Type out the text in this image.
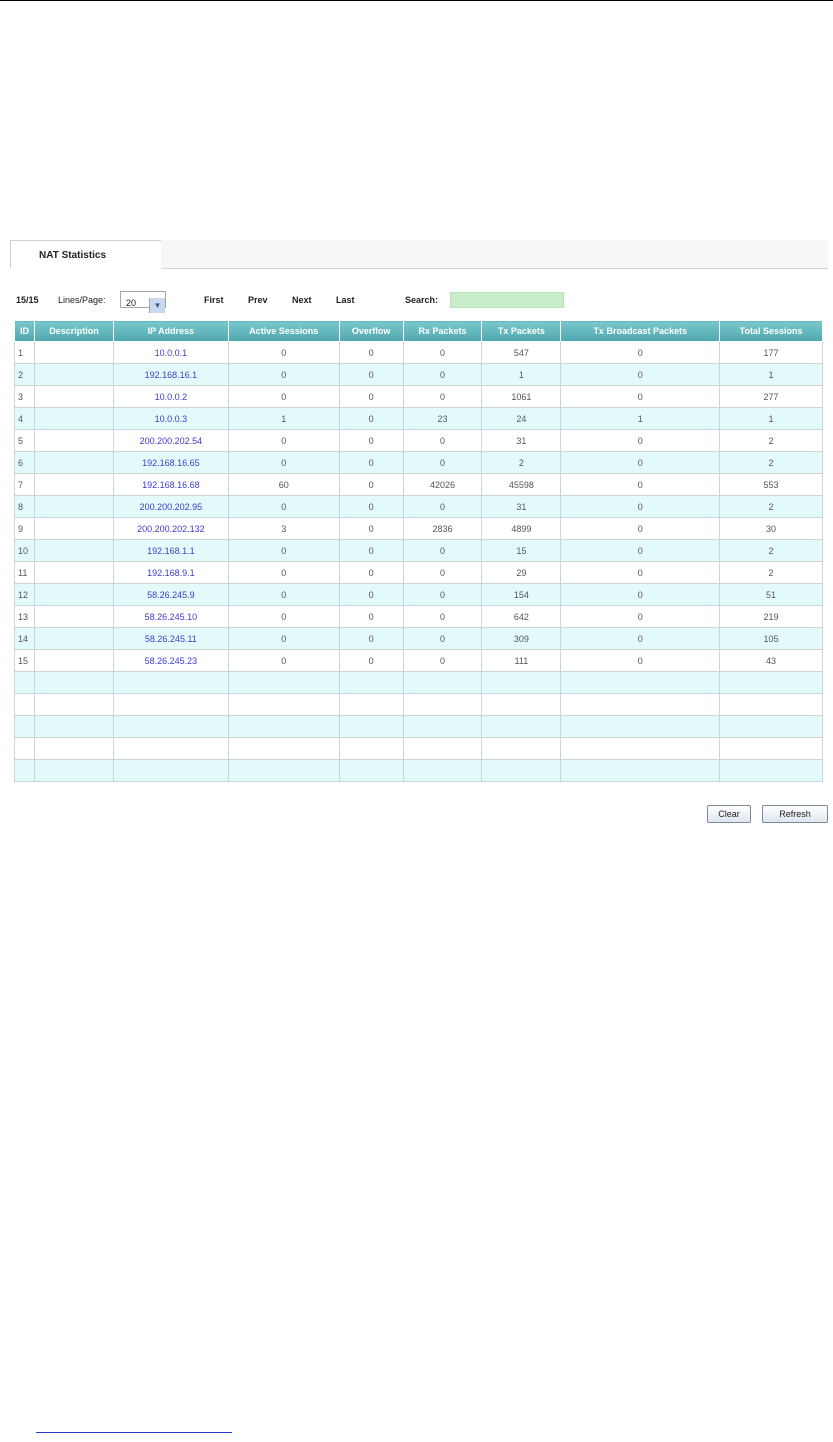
NAT Statistics
15/15 Lines/Page: 20	▼
First	Prev	Next	Last	Search:
ID	Description	IP Address	Active Sessions	Overflow	Rx Packets	Tx Packets	Tx Broadcast Packets	Total Sessions
1		10.0.0.1	0	0	0	547	0	177
2		192.168.16.1	0	0	0	1	0	1
3		10.0.0.2	0	0	0	1061	0	277
4		10.0.0.3	1	0	23	24	1	1
5		200.200.202.54	0	0	0	31	0	2
6		192.168.16.65	0	0	0	2	0	2
7		192.168.16.68	60	0	42026	45598	0	553
8		200.200.202.95	0	0	0	31	0	2
9		200.200.202.132	3	0	2836	4899	0	30
10		192.168.1.1	0	0	0	15	0	2
11		192.168.9.1	0	0	0	29	0	2
12		58.26.245.9	0	0	0	154	0	51
13		58.26.245.10	0	0	0	642	0	219
14		58.26.245.11	0	0	0	309	0	105
15		58.26.245.23	0	0	0	111	0	43

Clear	Refresh
